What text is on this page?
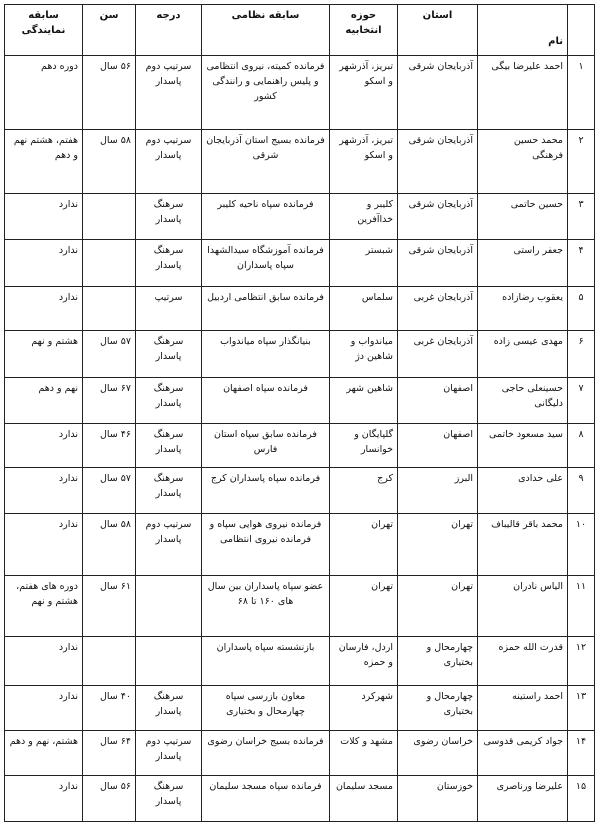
	نام	استان	حوزه انتخابیه	سابقه نظامی	درجه	سن	سابقه نمایندگی
۱	احمد علیرضا بیگی	آذربایجان شرقی	تبریز، آذرشهر و اسکو	فرمانده کمیته، نیروی انتظامی و پلیس راهنمایی و رانندگی کشور	سرتیپ دوم پاسدار	۵۶ سال	دوره دهم
۲	محمد حسین فرهنگی	آذربایجان شرقی	تبریز، آذرشهر و اسکو	فرمانده بسیج استان آذربایجان شرقی	سرتیپ دوم پاسدار	۵۸ سال	هفتم، هشتم نهم و دهم
۳	حسین حاتمی	آذربایجان شرقی	کلیبر و خداآفرین	فرمانده سپاه ناحیه کلیبر	سرهنگ پاسدار		ندارد
۴	جعفر راستی	آذربایجان شرقی	شبستر	فرمانده آموزشگاه سیدالشهدا سپاه پاسداران	سرهنگ پاسدار		ندارد
۵	یعقوب رضازاده	آذربایجان غربی	سلماس	فرمانده سابق انتظامی اردبیل	سرتیپ		ندارد
۶	مهدی عیسی زاده	آذربایجان غربی	میاندواب و شاهین دژ	بنیانگذار سپاه میاندواب	سرهنگ پاسدار	۵۷ سال	هشتم و نهم
۷	حسینعلی حاجی دلیگانی	اصفهان	شاهین شهر	فرمانده سپاه اصفهان	سرهنگ پاسدار	۶۷ سال	نهم و دهم
۸	سید مسعود خاتمی	اصفهان	گلپایگان و خوانسار	فرمانده سابق سپاه استان فارس	سرهنگ پاسدار	۴۶ سال	ندارد
۹	علی حدادی	البرز	کرج	فرمانده سپاه پاسداران کرج	سرهنگ پاسدار	۵۷ سال	ندارد
۱۰	محمد باقر قالیباف	تهران	تهران	فرمانده نیروی هوایی سپاه و فرمانده نیروی انتظامی	سرتیپ دوم پاسدار	۵۸ سال	ندارد
۱۱	الیاس نادران	تهران	تهران	عضو سپاه پاسداران بین سال های ۱۶۰ تا ۶۸		۶۱ سال	دوره های هفتم، هشتم و نهم
۱۲	قدرت الله حمزه	چهارمحال و بختیاری	اردل، فارسان و حمزه	بازنشسته سپاه پاسداران			ندارد
۱۳	احمد راستینه	چهارمحال و بختیاری	شهرکرد	معاون بازرسی سپاه چهارمحال و بختیاری	سرهنگ پاسدار	۴۰ سال	ندارد
۱۴	جواد کریمی قدوسی	خراسان رضوی	مشهد و کلات	فرمانده بسیج خراسان رضوی	سرتیپ دوم پاسدار	۶۴ سال	هشتم، نهم و دهم
۱۵	علیرضا ورناصری	خوزستان	مسجد سلیمان	فرمانده سپاه مسجد سلیمان	سرهنگ پاسدار	۵۶ سال	ندارد
